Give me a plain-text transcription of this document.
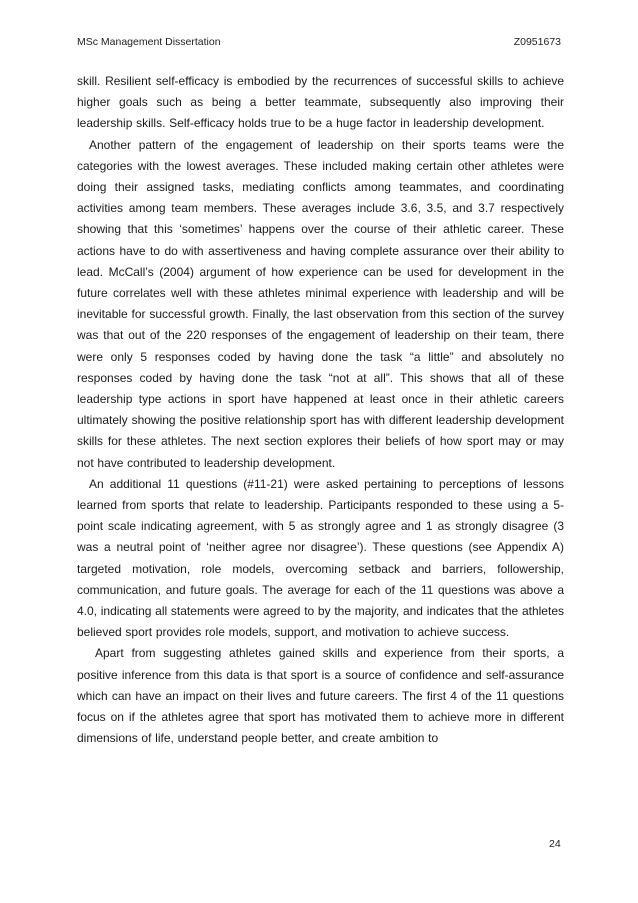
MSc Management Dissertation	Z0951673

skill. Resilient self-efficacy is embodied by the recurrences of successful skills to achieve higher goals such as being a better teammate, subsequently also improving their leadership skills. Self-efficacy holds true to be a huge factor in leadership development.

Another pattern of the engagement of leadership on their sports teams were the categories with the lowest averages. These included making certain other athletes were doing their assigned tasks, mediating conflicts among teammates, and coordinating activities among team members. These averages include 3.6, 3.5, and 3.7 respectively showing that this ‘sometimes’ happens over the course of their athletic career. These actions have to do with assertiveness and having complete assurance over their ability to lead. McCall’s (2004) argument of how experience can be used for development in the future correlates well with these athletes minimal experience with leadership and will be inevitable for successful growth. Finally, the last observation from this section of the survey was that out of the 220 responses of the engagement of leadership on their team, there were only 5 responses coded by having done the task “a little” and absolutely no responses coded by having done the task “not at all”. This shows that all of these leadership type actions in sport have happened at least once in their athletic careers ultimately showing the positive relationship sport has with different leadership development skills for these athletes. The next section explores their beliefs of how sport may or may not have contributed to leadership development.

An additional 11 questions (#11-21) were asked pertaining to perceptions of lessons learned from sports that relate to leadership. Participants responded to these using a 5-point scale indicating agreement, with 5 as strongly agree and 1 as strongly disagree (3 was a neutral point of ‘neither agree nor disagree’). These questions (see Appendix A) targeted motivation, role models, overcoming setback and barriers, followership, communication, and future goals. The average for each of the 11 questions was above a 4.0, indicating all statements were agreed to by the majority, and indicates that the athletes believed sport provides role models, support, and motivation to achieve success.

Apart from suggesting athletes gained skills and experience from their sports, a positive inference from this data is that sport is a source of confidence and self-assurance which can have an impact on their lives and future careers. The first 4 of the 11 questions focus on if the athletes agree that sport has motivated them to achieve more in different dimensions of life, understand people better, and create ambition to

24
